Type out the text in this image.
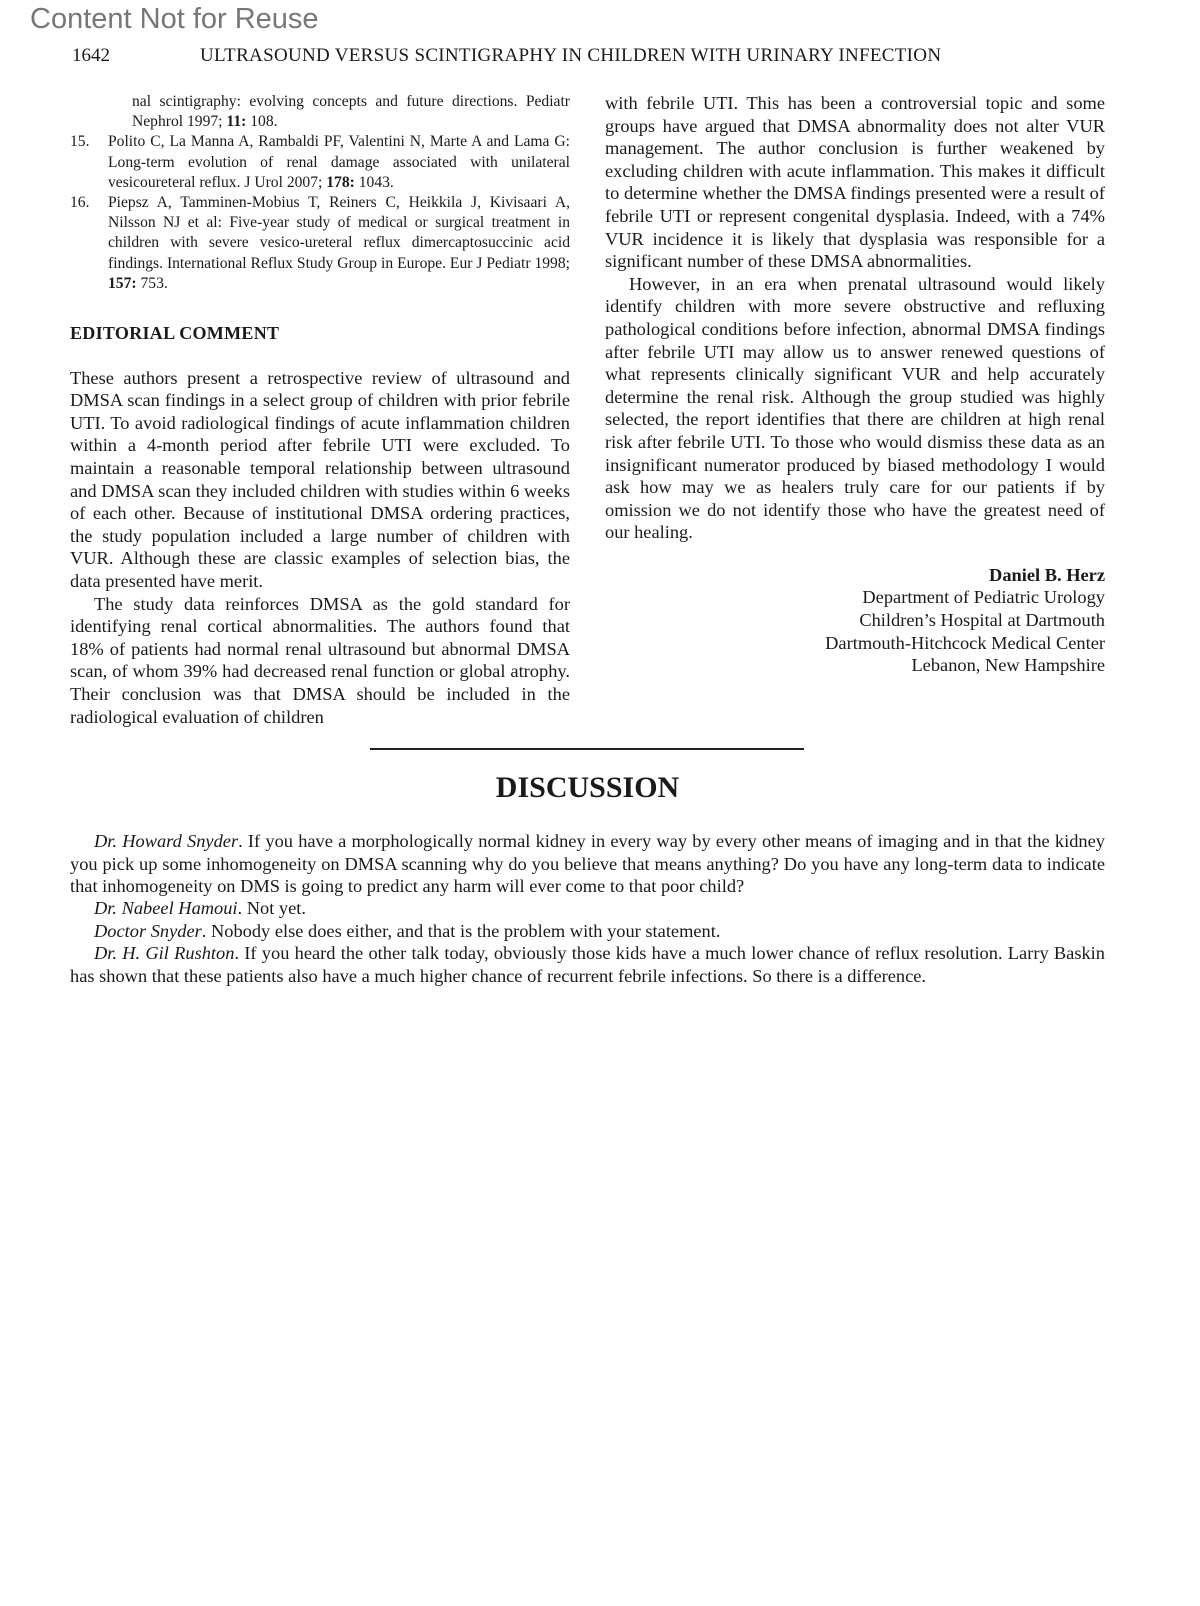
Content Not for Reuse
1642	ULTRASOUND VERSUS SCINTIGRAPHY IN CHILDREN WITH URINARY INFECTION
nal scintigraphy: evolving concepts and future directions. Pediatr Nephrol 1997; 11: 108.
15.	Polito C, La Manna A, Rambaldi PF, Valentini N, Marte A and Lama G: Long-term evolution of renal damage associated with unilateral vesicoureteral reflux. J Urol 2007; 178: 1043.
16.	Piepsz A, Tamminen-Mobius T, Reiners C, Heikkila J, Kivisaari A, Nilsson NJ et al: Five-year study of medical or surgical treatment in children with severe vesico-ureteral reflux dimercaptosuccinic acid findings. International Reflux Study Group in Europe. Eur J Pediatr 1998; 157: 753.
EDITORIAL COMMENT

These authors present a retrospective review of ultrasound and DMSA scan findings in a select group of children with prior febrile UTI. To avoid radiological findings of acute inflammation children within a 4-month period after febrile UTI were excluded. To maintain a reasonable temporal relationship between ultrasound and DMSA scan they included children with studies within 6 weeks of each other. Because of institutional DMSA ordering practices, the study population included a large number of children with VUR. Although these are classic examples of selection bias, the data presented have merit.

The study data reinforces DMSA as the gold standard for identifying renal cortical abnormalities. The authors found that 18% of patients had normal renal ultrasound but abnormal DMSA scan, of whom 39% had decreased renal function or global atrophy. Their conclusion was that DMSA should be included in the radiological evaluation of children

with febrile UTI. This has been a controversial topic and some groups have argued that DMSA abnormality does not alter VUR management. The author conclusion is further weakened by excluding children with acute inflammation. This makes it difficult to determine whether the DMSA findings presented were a result of febrile UTI or represent congenital dysplasia. Indeed, with a 74% VUR incidence it is likely that dysplasia was responsible for a significant number of these DMSA abnormalities.

However, in an era when prenatal ultrasound would likely identify children with more severe obstructive and refluxing pathological conditions before infection, abnormal DMSA findings after febrile UTI may allow us to answer renewed questions of what represents clinically significant VUR and help accurately determine the renal risk. Although the group studied was highly selected, the report identifies that there are children at high renal risk after febrile UTI. To those who would dismiss these data as an insignificant numerator produced by biased methodology I would ask how may we as healers truly care for our patients if by omission we do not identify those who have the greatest need of our healing.

Daniel B. Herz
Department of Pediatric Urology
Children’s Hospital at Dartmouth
Dartmouth-Hitchcock Medical Center
Lebanon, New Hampshire
DISCUSSION

Dr. Howard Snyder. If you have a morphologically normal kidney in every way by every other means of imaging and in that the kidney you pick up some inhomogeneity on DMSA scanning why do you believe that means anything? Do you have any long-term data to indicate that inhomogeneity on DMS is going to predict any harm will ever come to that poor child?

Dr. Nabeel Hamoui. Not yet.

Doctor Snyder. Nobody else does either, and that is the problem with your statement.

Dr. H. Gil Rushton. If you heard the other talk today, obviously those kids have a much lower chance of reflux resolution. Larry Baskin has shown that these patients also have a much higher chance of recurrent febrile infections. So there is a difference.
